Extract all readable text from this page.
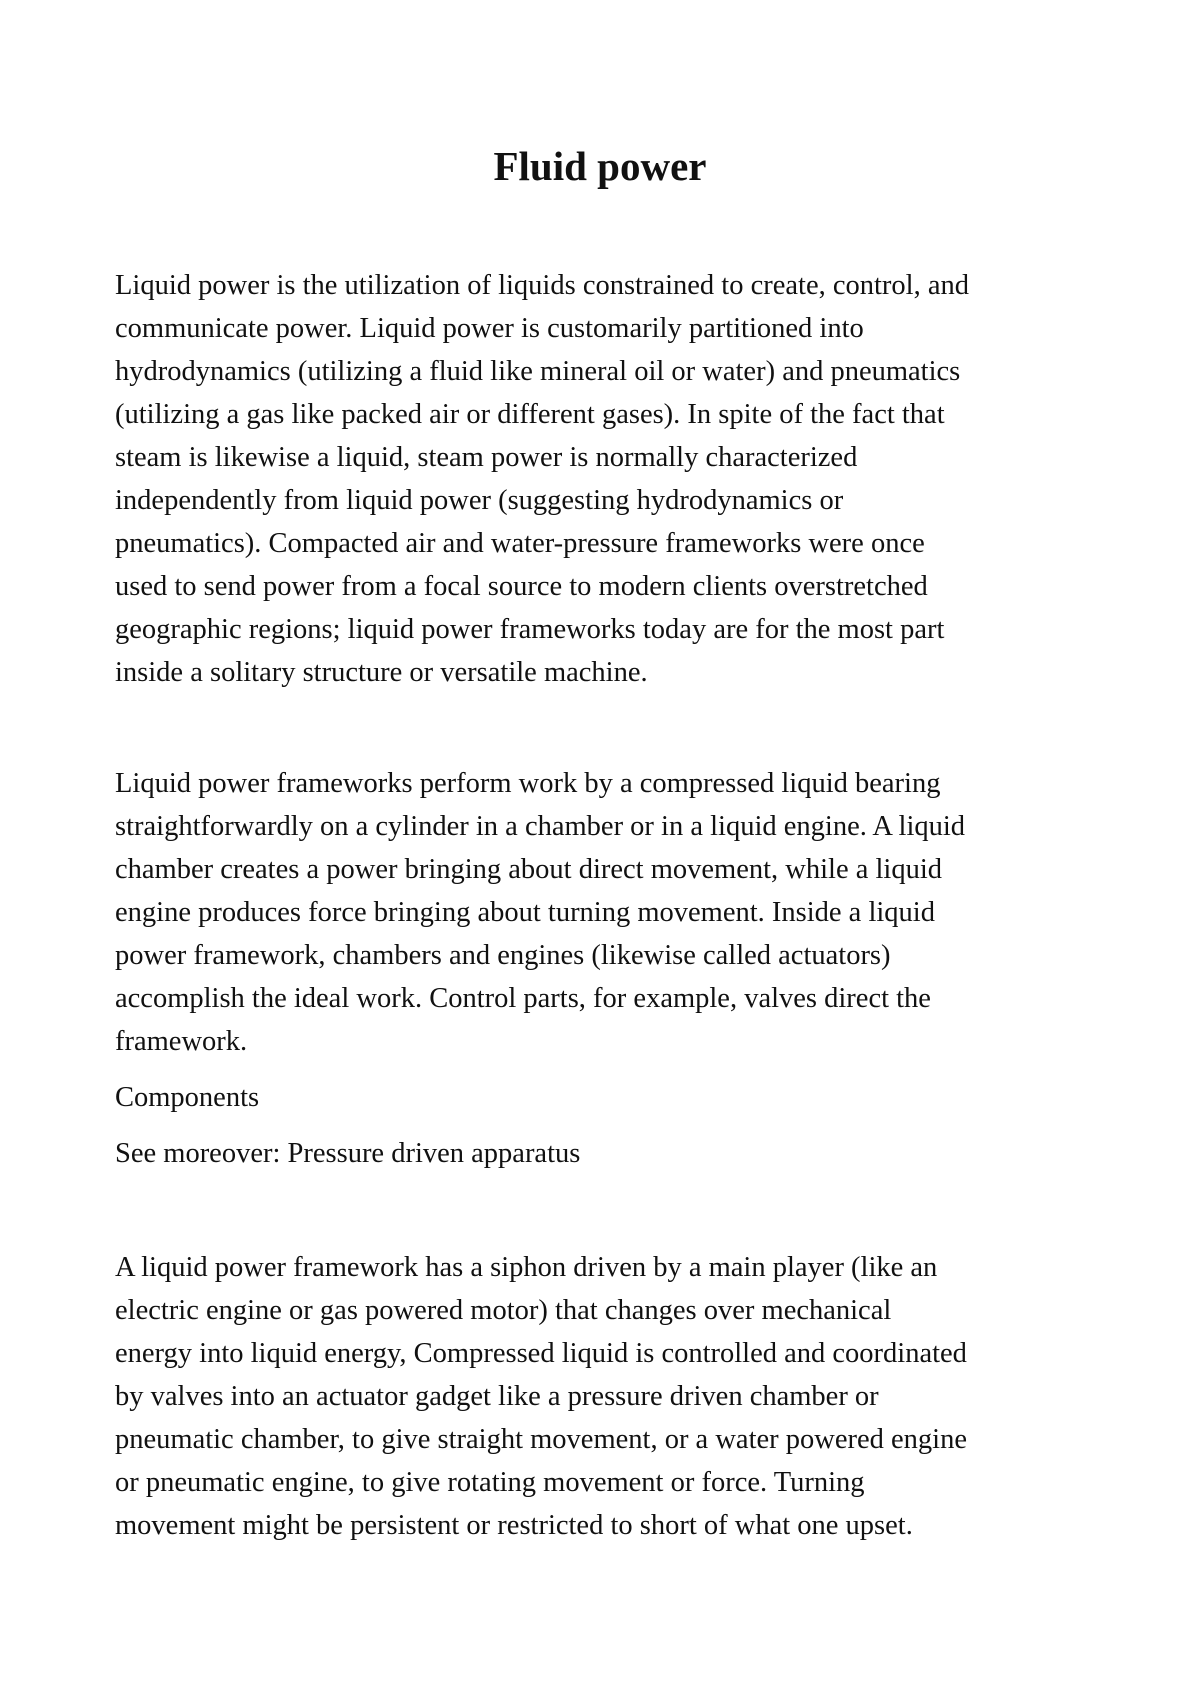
Fluid power

Liquid power is the utilization of liquids constrained to create, control, and
communicate power. Liquid power is customarily partitioned into
hydrodynamics (utilizing a fluid like mineral oil or water) and pneumatics
(utilizing a gas like packed air or different gases). In spite of the fact that
steam is likewise a liquid, steam power is normally characterized
independently from liquid power (suggesting hydrodynamics or
pneumatics). Compacted air and water-pressure frameworks were once
used to send power from a focal source to modern clients overstretched
geographic regions; liquid power frameworks today are for the most part
inside a solitary structure or versatile machine.

Liquid power frameworks perform work by a compressed liquid bearing
straightforwardly on a cylinder in a chamber or in a liquid engine. A liquid
chamber creates a power bringing about direct movement, while a liquid
engine produces force bringing about turning movement. Inside a liquid
power framework, chambers and engines (likewise called actuators)
accomplish the ideal work. Control parts, for example, valves direct the
framework.

Components

See moreover: Pressure driven apparatus

A liquid power framework has a siphon driven by a main player (like an
electric engine or gas powered motor) that changes over mechanical
energy into liquid energy, Compressed liquid is controlled and coordinated
by valves into an actuator gadget like a pressure driven chamber or
pneumatic chamber, to give straight movement, or a water powered engine
or pneumatic engine, to give rotating movement or force. Turning
movement might be persistent or restricted to short of what one upset.
